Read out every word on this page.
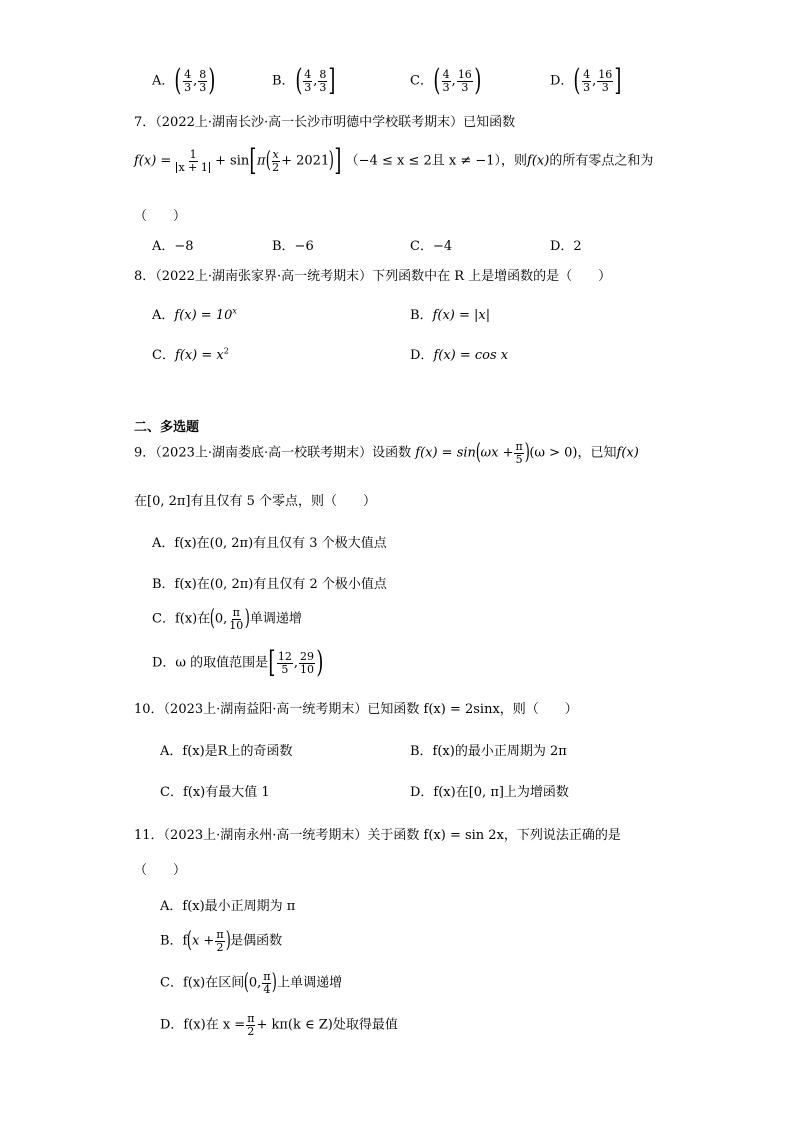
A．( $\frac{4}{3}$ , $\frac{8}{3}$ )	B．( $\frac{4}{3}$ , $\frac{8}{3}$ ]	C．( $\frac{4}{3}$ , $\frac{16}{3}$ )	D．( $\frac{4}{3}$ , $\frac{16}{3}$ ]
7．（2022上·湖南长沙·高一长沙市明德中学校联考期末）已知函数
$f(x) = \frac{1}{x + 1} + \sin[\pi( \frac{x}{2} + 2021)] (-4 \le x \le 2$且 x ≠ −1），则f(x)的所有零点之和为
（　　）
A．−8	B．−6	C．−4	D．2
8．（2022上·湖南张家界·高一统考期末）下列函数中在 R 上是增函数的是（　　）
A．$f(x) = 10^x$	B．f(x) = |x|
C．$f(x) = x^2$	D．f(x) = cos x
二、多选题
9．（2023上·湖南娄底·高一校联考期末）设函数 $f(x) = \sin(\omega x + \frac{\pi}{5} )(\omega > 0)$，已知f(x)
在[0, 2π]有且仅有 5 个零点，则（　　）
A．f(x)在(0, 2π)有且仅有 3 个极大值点
B．f(x)在(0, 2π)有且仅有 2 个极小值点
C．f(x)在(0, $\frac{\pi}{10}$ )单调递增
D．ω 的取值范围是[ $\frac{12}{5}$ , $\frac{29}{10}$ )
10．（2023上·湖南益阳·高一统考期末）已知函数 f(x) = 2sinx，则（　　）
A．f(x)是R上的奇函数	B．f(x)的最小正周期为 2π
C．f(x)有最大值 1	D．f(x)在[0, π]上为增函数
11．（2023上·湖南永州·高一统考期末）关于函数 f(x) = sin 2x，下列说法正确的是
（　　）
A．f(x)最小正周期为 π
B．$f(x + \frac{\pi}{2}$ )是偶函数
C．f(x)在区间(0, $\frac{\pi}{4}$ )上单调递增
D．f(x)在 $x = \frac{\pi}{2} + k\pi(k$ ∈ Z)处取得最值
